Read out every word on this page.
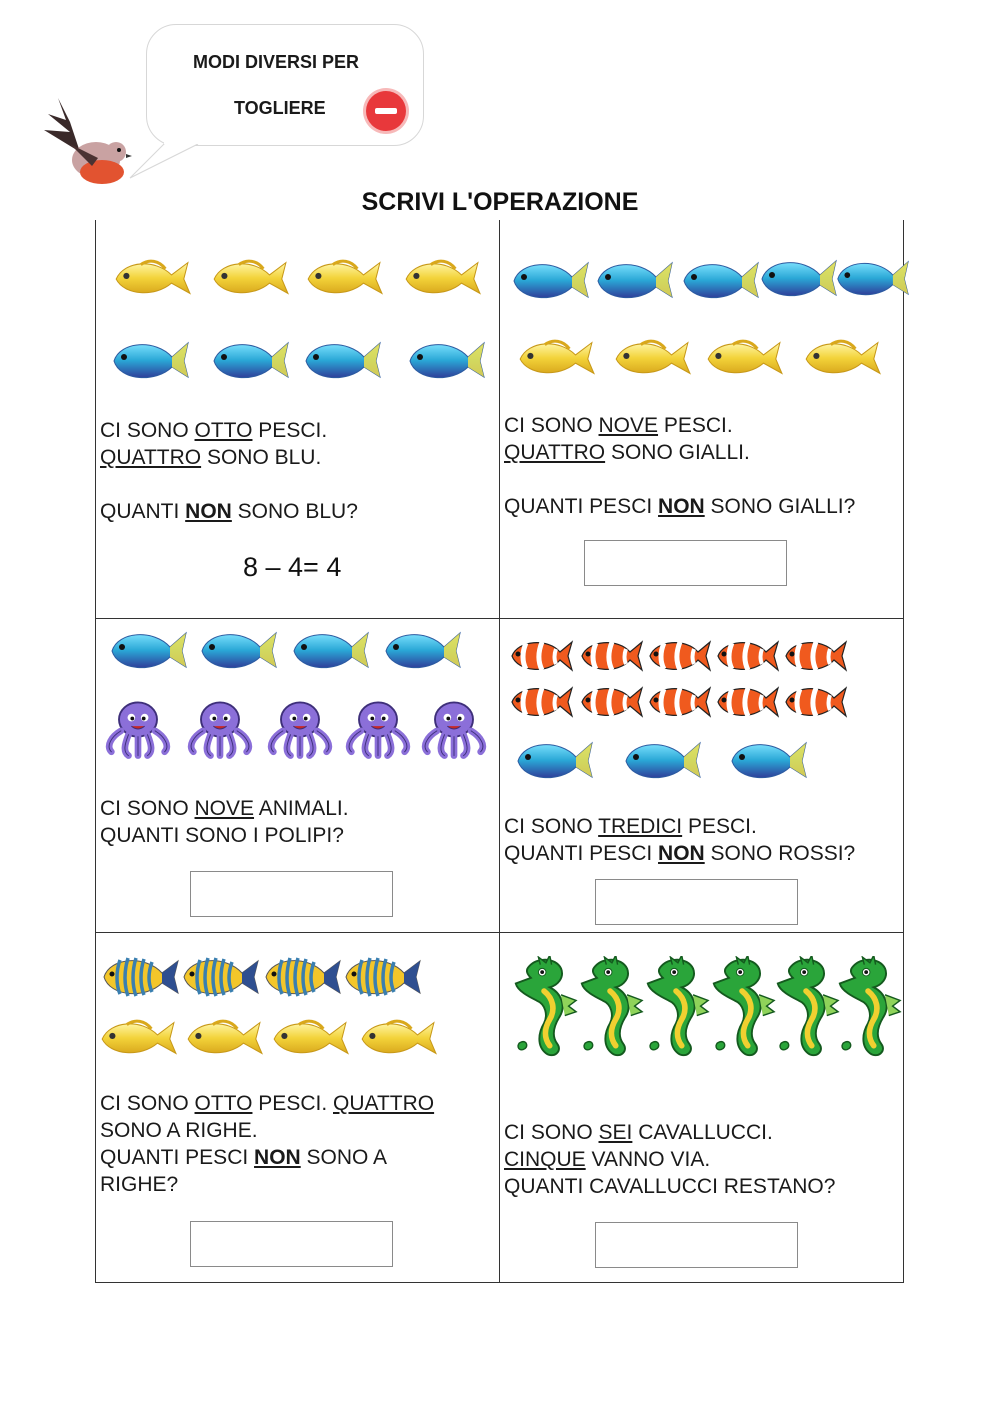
MODI DIVERSI PER
TOGLIERE
SCRIVI L'OPERAZIONE
CI SONO OTTO PESCI.
QUATTRO SONO BLU.
QUANTI NON SONO BLU?
8 – 4= 4
CI SONO NOVE PESCI.
QUATTRO SONO GIALLI.
QUANTI PESCI NON SONO GIALLI?
CI SONO NOVE ANIMALI.
QUANTI SONO I POLIPI?	CI SONO TREDICI PESCI.
QUANTI PESCI NON SONO ROSSI?
CI SONO OTTO PESCI. QUATTRO
SONO A RIGHE.
QUANTI PESCI NON SONO A
RIGHE?
CI SONO SEI CAVALLUCCI.
CINQUE VANNO VIA.
QUANTI CAVALLUCCI RESTANO?
